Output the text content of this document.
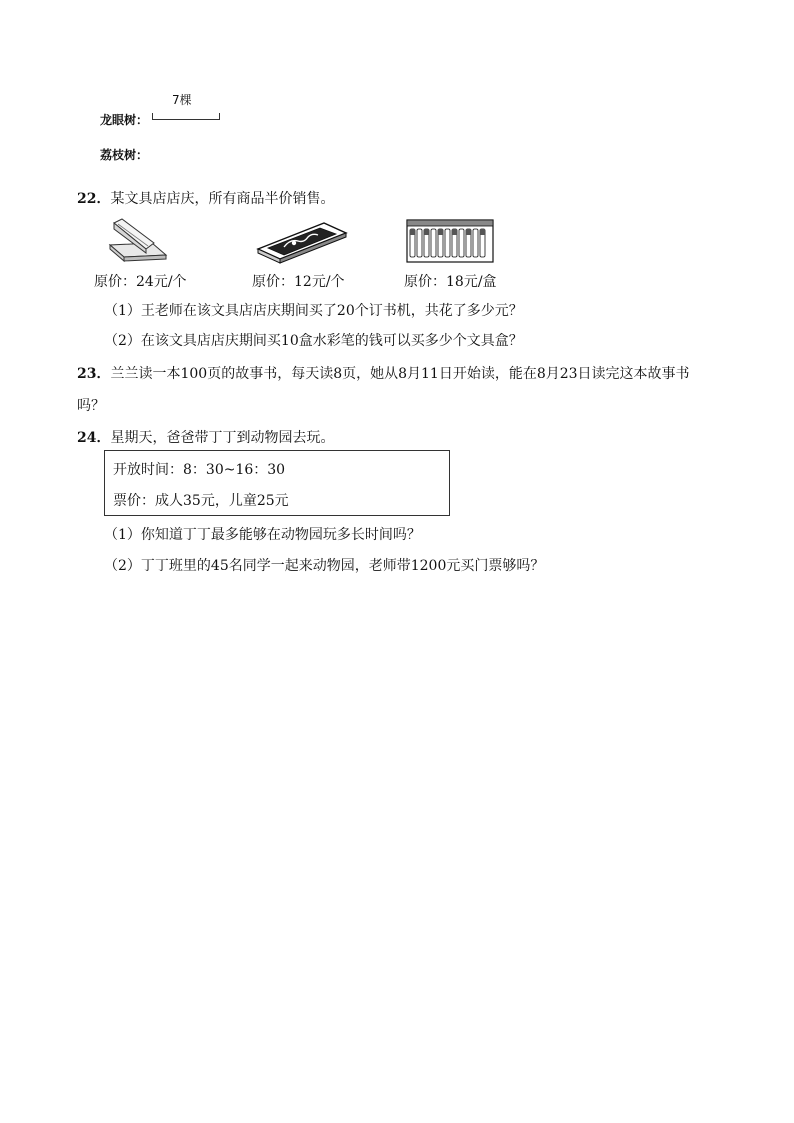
7棵
龙眼树：
荔枝树：
22．某文具店店庆，所有商品半价销售。
原价：24元/个	原价：12元/个	原价：18元/盒
（1）王老师在该文具店店庆期间买了20个订书机，共花了多少元？
（2）在该文具店店庆期间买10盒水彩笔的钱可以买多少个文具盒？
23．兰兰读一本100页的故事书，每天读8页，她从8月11日开始读，能在8月23日读完这本故事书
吗？
24．星期天，爸爸带丁丁到动物园去玩。
开放时间：8：30~16：30
票价：成人35元，儿童25元
（1）你知道丁丁最多能够在动物园玩多长时间吗？
（2）丁丁班里的45名同学一起来动物园，老师带1200元买门票够吗？
